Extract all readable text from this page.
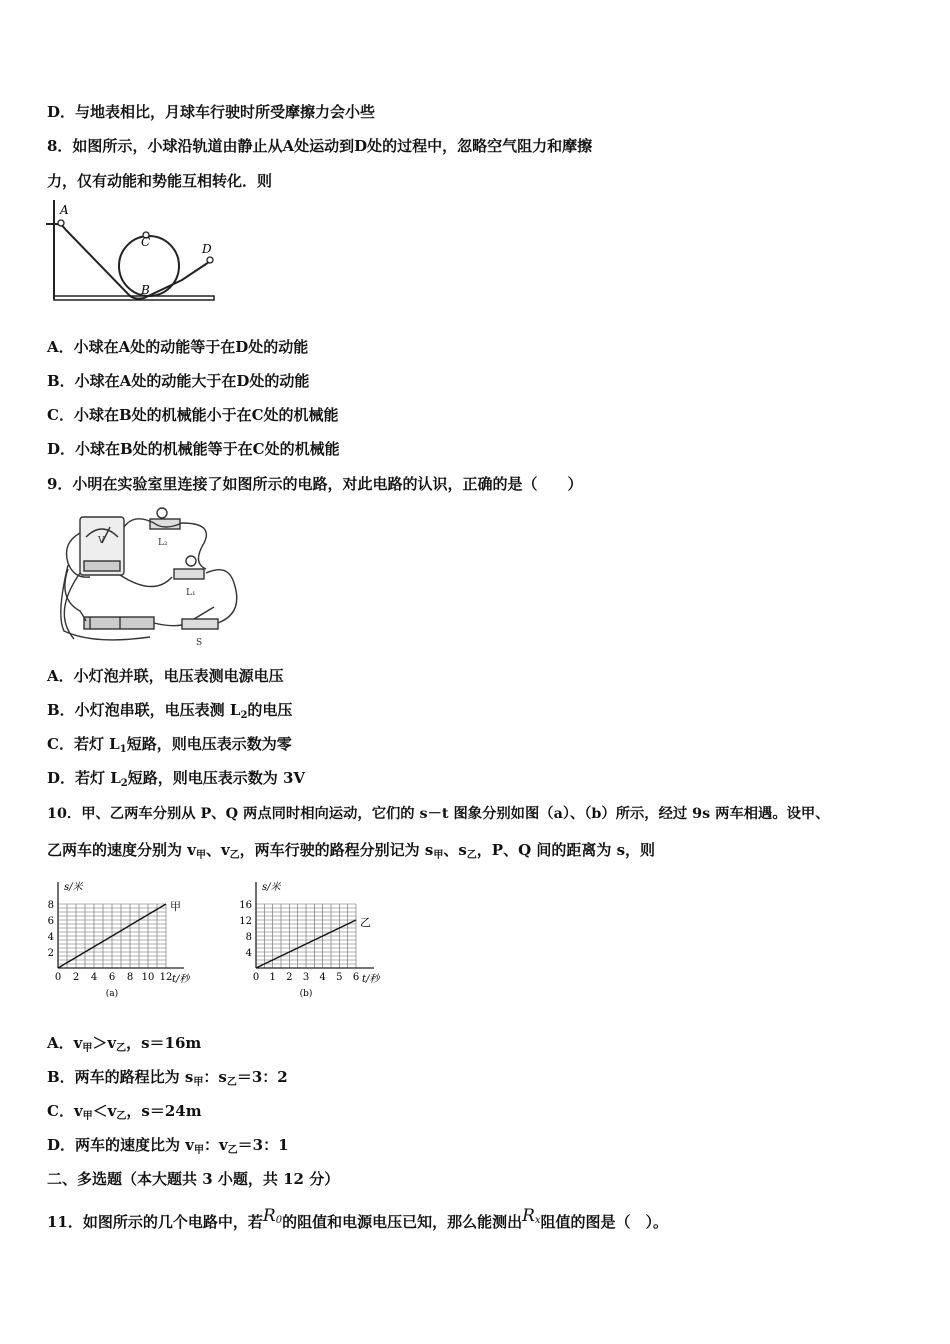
D．与地表相比，月球车行驶时所受摩擦力会小些
8．如图所示，小球沿轨道由静止从A处运动到D处的过程中，忽略空气阻力和摩擦
力，仅有动能和势能互相转化．则
A
C	D
B
A．小球在A处的动能等于在D处的动能
B．小球在A处的动能大于在D处的动能
C．小球在B处的机械能小于在C处的机械能
D．小球在B处的机械能等于在C处的机械能
9．小明在实验室里连接了如图所示的电路，对此电路的认识，正确的是（　　）
V	L₂
L₁
S
A．小灯泡并联，电压表测电源电压
B．小灯泡串联，电压表测 $L_2$的电压
C．若灯 $L_1$短路，则电压表示数为零
D．若灯 $L_2$短路，则电压表示数为 3V
10．甲、乙两车分别从 P、Q 两点同时相向运动，它们的 s－t 图象分别如图（a）、（b）所示，经过 9s 两车相遇。设甲、
乙两车的速度分别为 $v_甲$、$v_乙$，两车行驶的路程分别记为 $s_甲$、$s_乙$，P、Q 间的距离为 s，则
s/米
t/秒
0 2 4 6 8 10 12
2
4
6
8	甲
(a)
s/米
t/秒
0 1 2 3 4 5 6
4
8
12
16
乙
(b)
A．$v_甲>v_乙$，s＝16m
B．两车的路程比为 $s_甲$：$s_乙=3$：2
C．$v_甲<v_乙$，s＝24m
D．两车的速度比为 $v_甲$：$v_乙=3$：1
二、多选题（本大题共 3 小题，共 12 分）
11．如图所示的几个电路中，若$R^0$的阻值和电源电压已知，那么能测出$R^x$阻值的图是（　）。
